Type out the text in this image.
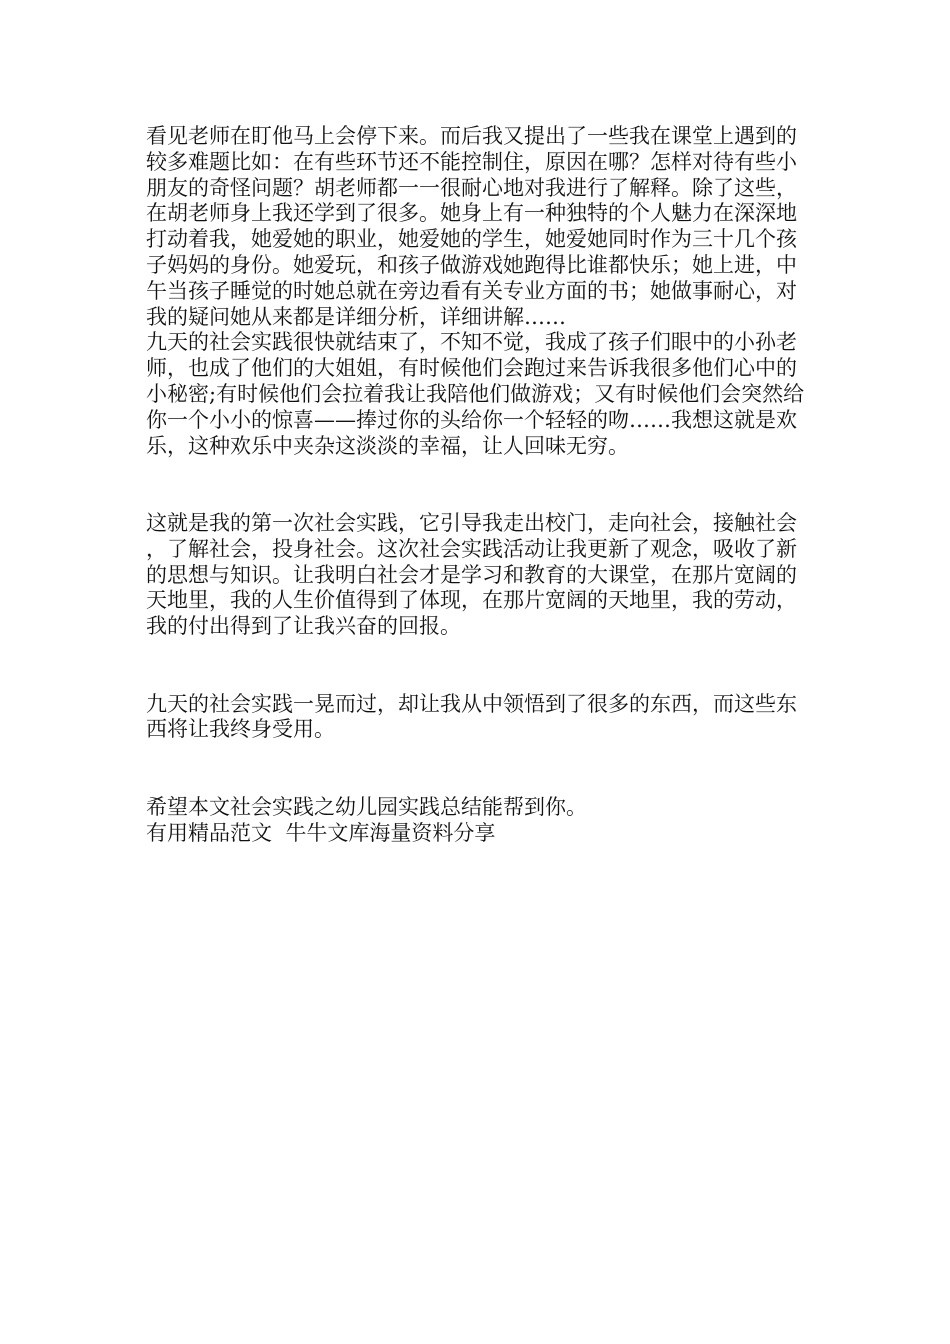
看见老师在盯他马上会停下来。而后我又提出了一些我在课堂上遇到的较多难题比如：在有些环节还不能控制住，原因在哪？怎样对待有些小朋友的奇怪问题？胡老师都一一很耐心地对我进行了解释。除了这些，在胡老师身上我还学到了很多。她身上有一种独特的个人魅力在深深地打动着我，她爱她的职业，她爱她的学生，她爱她同时作为三十几个孩子妈妈的身份。她爱玩，和孩子做游戏她跑得比谁都快乐；她上进，中午当孩子睡觉的时她总就在旁边看有关专业方面的书；她做事耐心，对我的疑问她从来都是详细分析，详细讲解……

九天的社会实践很快就结束了，不知不觉，我成了孩子们眼中的小孙老师，也成了他们的大姐姐，有时候他们会跑过来告诉我很多他们心中的小秘密;有时候他们会拉着我让我陪他们做游戏；又有时候他们会突然给你一个小小的惊喜——捧过你的头给你一个轻轻的吻……我想这就是欢乐，这种欢乐中夹杂这淡淡的幸福，让人回味无穷。

这就是我的第一次社会实践，它引导我走出校门，走向社会，接触社会，了解社会，投身社会。这次社会实践活动让我更新了观念，吸收了新的思想与知识。让我明白社会才是学习和教育的大课堂，在那片宽阔的天地里，我的人生价值得到了体现，在那片宽阔的天地里，我的劳动，我的付出得到了让我兴奋的回报。

九天的社会实践一晃而过，却让我从中领悟到了很多的东西，而这些东西将让我终身受用。

希望本文社会实践之幼儿园实践总结能帮到你。

有用精品范文  牛牛文库海量资料分享
